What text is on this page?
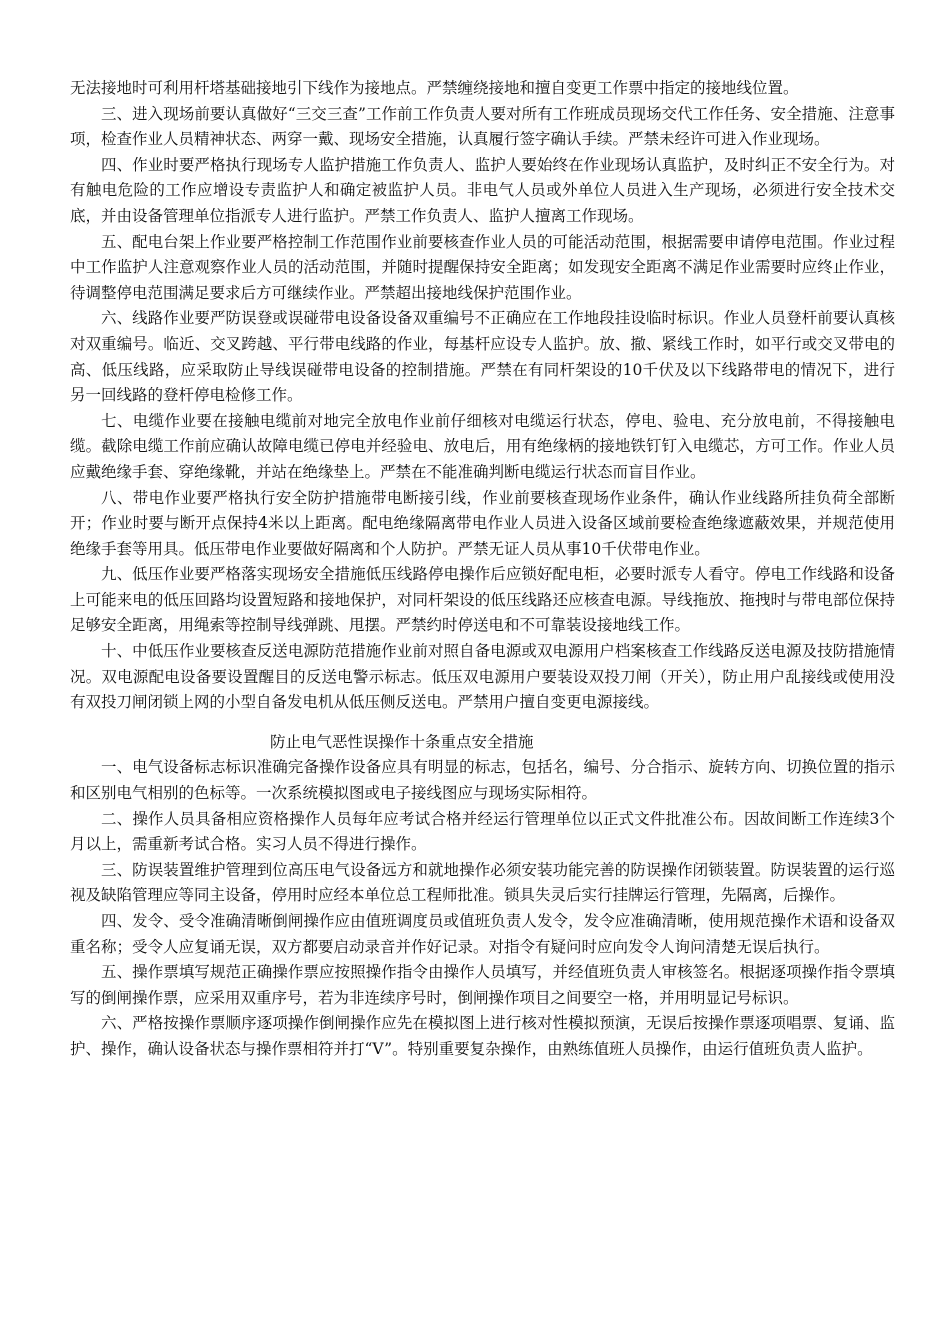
无法接地时可利用杆塔基础接地引下线作为接地点。严禁缠绕接地和擅自变更工作票中指定的接地线位置。

三、进入现场前要认真做好“三交三查”工作前工作负责人要对所有工作班成员现场交代工作任务、安全措施、注意事项，检查作业人员精神状态、两穿一戴、现场安全措施，认真履行签字确认手续。严禁未经许可进入作业现场。

四、作业时要严格执行现场专人监护措施工作负责人、监护人要始终在作业现场认真监护，及时纠正不安全行为。对有触电危险的工作应增设专责监护人和确定被监护人员。非电气人员或外单位人员进入生产现场，必须进行安全技术交底，并由设备管理单位指派专人进行监护。严禁工作负责人、监护人擅离工作现场。

五、配电台架上作业要严格控制工作范围作业前要核查作业人员的可能活动范围，根据需要申请停电范围。作业过程中工作监护人注意观察作业人员的活动范围，并随时提醒保持安全距离；如发现安全距离不满足作业需要时应终止作业，待调整停电范围满足要求后方可继续作业。严禁超出接地线保护范围作业。

六、线路作业要严防误登或误碰带电设备设备双重编号不正确应在工作地段挂设临时标识。作业人员登杆前要认真核对双重编号。临近、交叉跨越、平行带电线路的作业，每基杆应设专人监护。放、撤、紧线工作时，如平行或交叉带电的高、低压线路，应采取防止导线误碰带电设备的控制措施。严禁在有同杆架设的10千伏及以下线路带电的情况下，进行另一回线路的登杆停电检修工作。

七、电缆作业要在接触电缆前对地完全放电作业前仔细核对电缆运行状态，停电、验电、充分放电前，不得接触电缆。截除电缆工作前应确认故障电缆已停电并经验电、放电后，用有绝缘柄的接地铁钉钉入电缆芯，方可工作。作业人员应戴绝缘手套、穿绝缘靴，并站在绝缘垫上。严禁在不能准确判断电缆运行状态而盲目作业。

八、带电作业要严格执行安全防护措施带电断接引线，作业前要核查现场作业条件，确认作业线路所挂负荷全部断开；作业时要与断开点保持4米以上距离。配电绝缘隔离带电作业人员进入设备区域前要检查绝缘遮蔽效果，并规范使用绝缘手套等用具。低压带电作业要做好隔离和个人防护。严禁无证人员从事10千伏带电作业。

九、低压作业要严格落实现场安全措施低压线路停电操作后应锁好配电柜，必要时派专人看守。停电工作线路和设备上可能来电的低压回路均设置短路和接地保护，对同杆架设的低压线路还应核查电源。导线拖放、拖拽时与带电部位保持足够安全距离，用绳索等控制导线弹跳、甩摆。严禁约时停送电和不可靠装设接地线工作。

十、中低压作业要核查反送电源防范措施作业前对照自备电源或双电源用户档案核查工作线路反送电源及技防措施情况。双电源配电设备要设置醒目的反送电警示标志。低压双电源用户要装设双投刀闸（开关），防止用户乱接线或使用没有双投刀闸闭锁上网的小型自备发电机从低压侧反送电。严禁用户擅自变更电源接线。

防止电气恶性误操作十条重点安全措施

一、电气设备标志标识准确完备操作设备应具有明显的标志，包括名，编号、分合指示、旋转方向、切换位置的指示和区别电气相别的色标等。一次系统模拟图或电子接线图应与现场实际相符。

二、操作人员具备相应资格操作人员每年应考试合格并经运行管理单位以正式文件批准公布。因故间断工作连续3个月以上，需重新考试合格。实习人员不得进行操作。

三、防误装置维护管理到位高压电气设备远方和就地操作必须安装功能完善的防误操作闭锁装置。防误装置的运行巡视及缺陷管理应等同主设备，停用时应经本单位总工程师批准。锁具失灵后实行挂牌运行管理，先隔离，后操作。

四、发令、受令准确清晰倒闸操作应由值班调度员或值班负责人发令，发令应准确清晰，使用规范操作术语和设备双重名称；受令人应复诵无误，双方都要启动录音并作好记录。对指令有疑问时应向发令人询问清楚无误后执行。

五、操作票填写规范正确操作票应按照操作指令由操作人员填写，并经值班负责人审核签名。根据逐项操作指令票填写的倒闸操作票，应采用双重序号，若为非连续序号时，倒闸操作项目之间要空一格，并用明显记号标识。

六、严格按操作票顺序逐项操作倒闸操作应先在模拟图上进行核对性模拟预演，无误后按操作票逐项唱票、复诵、监护、操作，确认设备状态与操作票相符并打“V”。特别重要复杂操作，由熟练值班人员操作，由运行值班负责人监护。
